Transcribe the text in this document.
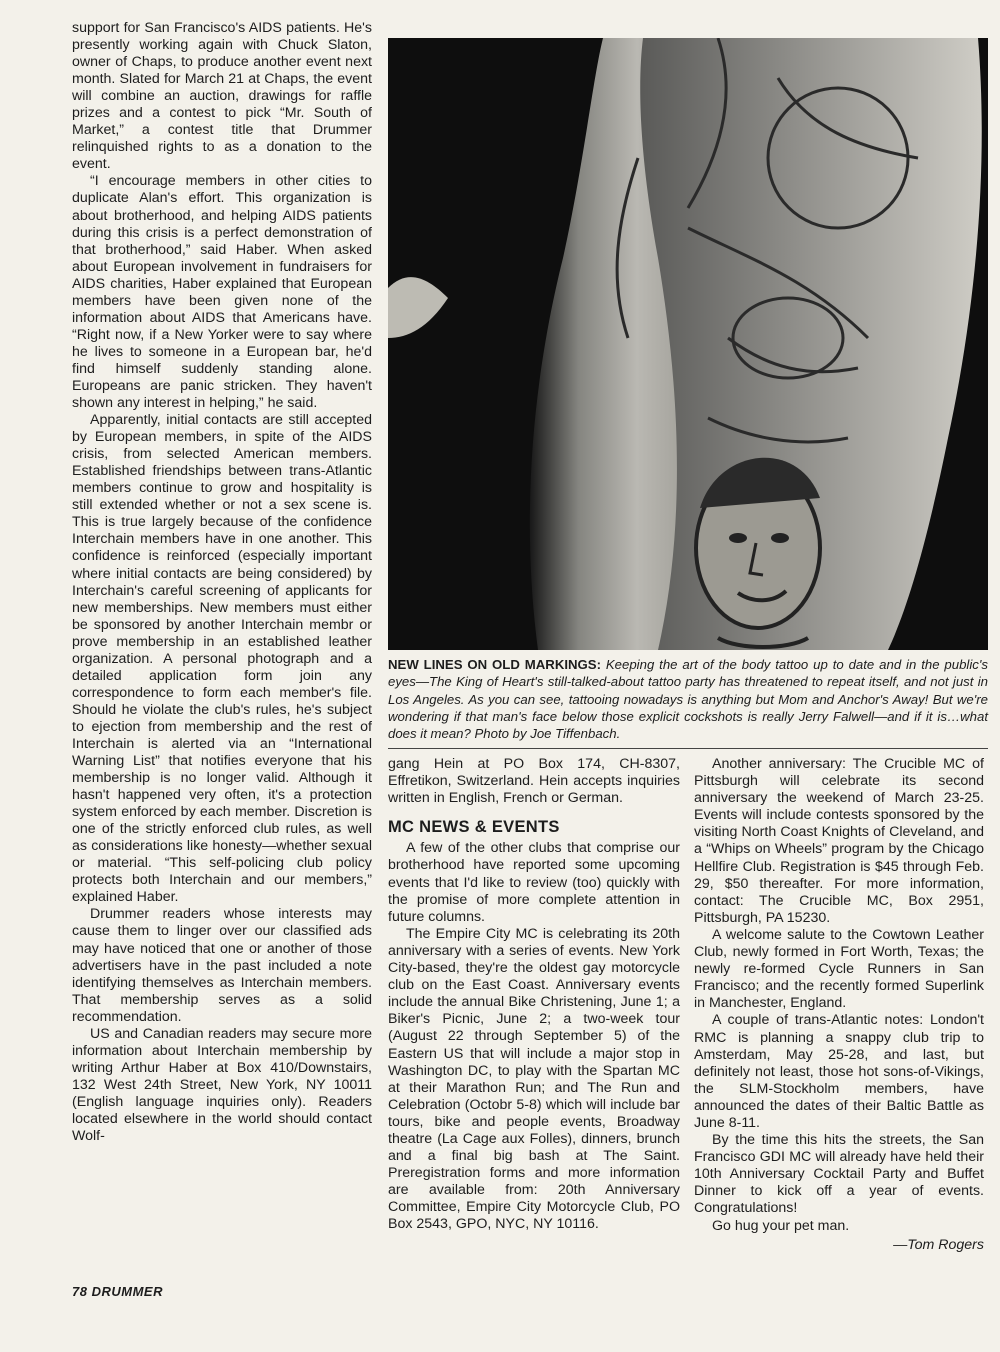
support for San Francisco's AIDS patients. He's presently working again with Chuck Slaton, owner of Chaps, to produce another event next month. Slated for March 21 at Chaps, the event will combine an auction, drawings for raffle prizes and a contest to pick “Mr. South of Market,” a contest title that Drummer relinquished rights to as a donation to the event.

“I encourage members in other cities to duplicate Alan's effort. This organization is about brotherhood, and helping AIDS patients during this crisis is a perfect demonstration of that brotherhood,” said Haber. When asked about European involvement in fundraisers for AIDS charities, Haber explained that European members have been given none of the information about AIDS that Americans have. “Right now, if a New Yorker were to say where he lives to someone in a European bar, he'd find himself suddenly standing alone. Europeans are panic stricken. They haven't shown any interest in helping,” he said.

Apparently, initial contacts are still accepted by European members, in spite of the AIDS crisis, from selected American members. Established friendships between trans-Atlantic members continue to grow and hospitality is still extended whether or not a sex scene is. This is true largely because of the confidence Interchain members have in one another. This confidence is reinforced (especially important where initial contacts are being considered) by Interchain's careful screening of applicants for new memberships. New members must either be sponsored by another Interchain membr or prove membership in an established leather organization. A personal photograph and a detailed application form join any correspondence to form each member's file. Should he violate the club's rules, he's subject to ejection from membership and the rest of Interchain is alerted via an “International Warning List” that notifies everyone that his membership is no longer valid. Although it hasn't happened very often, it's a protection system enforced by each member. Discretion is one of the strictly enforced club rules, as well as considerations like honesty—whether sexual or material. “This self-policing club policy protects both Interchain and our members,” explained Haber.

Drummer readers whose interests may cause them to linger over our classified ads may have noticed that one or another of those advertisers have in the past included a note identifying themselves as Interchain members. That membership serves as a solid recommendation.

US and Canadian readers may secure more information about Interchain membership by writing Arthur Haber at Box 410/Downstairs, 132 West 24th Street, New York, NY 10011 (English language inquiries only). Readers located elsewhere in the world should contact Wolf-

NEW LINES ON OLD MARKINGS: Keeping the art of the body tattoo up to date and in the public's eyes—The King of Heart's still-talked-about tattoo party has threatened to repeat itself, and not just in Los Angeles. As you can see, tattooing nowadays is anything but Mom and Anchor's Away! But we're wondering if that man's face below those explicit cockshots is really Jerry Falwell—and if it is…what does it mean? Photo by Joe Tiffenbach.

gang Hein at PO Box 174, CH-8307, Effretikon, Switzerland. Hein accepts inquiries written in English, French or German.

MC NEWS & EVENTS

A few of the other clubs that comprise our brotherhood have reported some upcoming events that I'd like to review (too) quickly with the promise of more complete attention in future columns.

The Empire City MC is celebrating its 20th anniversary with a series of events. New York City-based, they're the oldest gay motorcycle club on the East Coast. Anniversary events include the annual Bike Christening, June 1; a Biker's Picnic, June 2; a two-week tour (August 22 through September 5) of the Eastern US that will include a major stop in Washington DC, to play with the Spartan MC at their Marathon Run; and The Run and Celebration (Octobr 5-8) which will include bar tours, bike and people events, Broadway theatre (La Cage aux Folles), dinners, brunch and a final big bash at The Saint. Preregistration forms and more information are available from: 20th Anniversary Committee, Empire City Motorcycle Club, PO Box 2543, GPO, NYC, NY 10116.

Another anniversary: The Crucible MC of Pittsburgh will celebrate its second anniversary the weekend of March 23-25. Events will include contests sponsored by the visiting North Coast Knights of Cleveland, and a “Whips on Wheels” program by the Chicago Hellfire Club. Registration is $45 through Feb. 29, $50 thereafter. For more information, contact: The Crucible MC, Box 2951, Pittsburgh, PA 15230.

A welcome salute to the Cowtown Leather Club, newly formed in Fort Worth, Texas; the newly re-formed Cycle Runners in San Francisco; and the recently formed Superlink in Manchester, England.

A couple of trans-Atlantic notes: London't RMC is planning a snappy club trip to Amsterdam, May 25-28, and last, but definitely not least, those hot sons-of-Vikings, the SLM-Stockholm members, have announced the dates of their Baltic Battle as June 8-11.

By the time this hits the streets, the San Francisco GDI MC will already have held their 10th Anniversary Cocktail Party and Buffet Dinner to kick off a year of events. Congratulations!

Go hug your pet man.

—Tom Rogers
78 DRUMMER
